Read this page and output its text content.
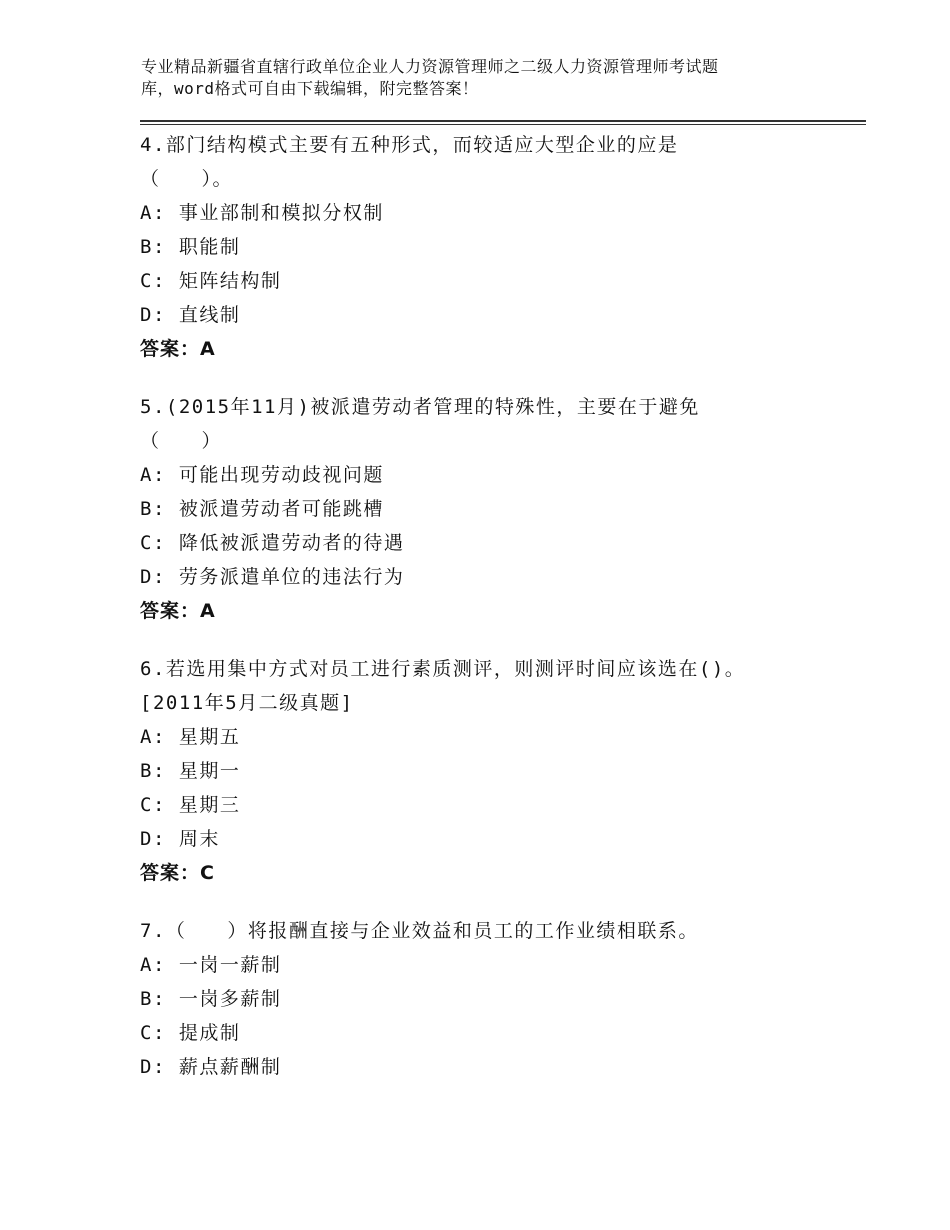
专业精品新疆省直辖行政单位企业人力资源管理师之二级人力资源管理师考试题
库，word格式可自由下载编辑，附完整答案！
4.部门结构模式主要有五种形式，而较适应大型企业的应是
（　　）。
A: 事业部制和模拟分权制
B: 职能制
C: 矩阵结构制
D: 直线制
答案：A
5.(2015年11月)被派遣劳动者管理的特殊性，主要在于避免
（　　）
A: 可能出现劳动歧视问题
B: 被派遣劳动者可能跳槽
C: 降低被派遣劳动者的待遇
D: 劳务派遣单位的违法行为
答案：A
6.若选用集中方式对员工进行素质测评，则测评时间应该选在()。
[2011年5月二级真题]
A: 星期五
B: 星期一
C: 星期三
D: 周末
答案：C
7.（　　）将报酬直接与企业效益和员工的工作业绩相联系。
A: 一岗一薪制
B: 一岗多薪制
C: 提成制
D: 薪点薪酬制
